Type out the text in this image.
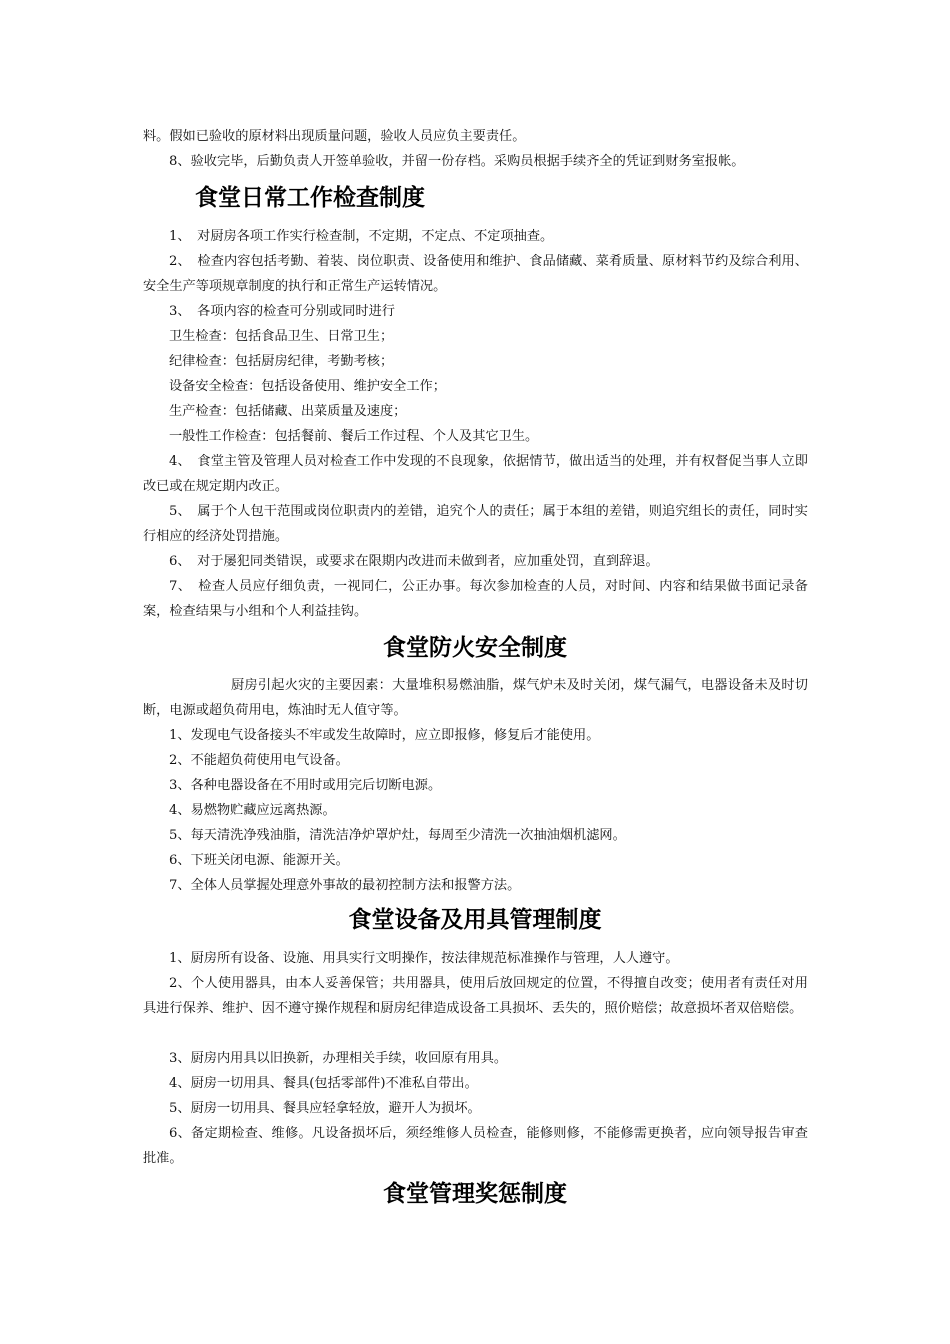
料。假如已验收的原材料出现质量问题，验收人员应负主要责任。

8、验收完毕，后勤负责人开签单验收，并留一份存档。采购员根据手续齐全的凭证到财务室报帐。

食堂日常工作检查制度

1、　对厨房各项工作实行检查制，不定期，不定点、不定项抽查。

2、　检查内容包括考勤、着装、岗位职责、设备使用和维护、食品储藏、菜肴质量、原材料节约及综合利用、安全生产等项规章制度的执行和正常生产运转情况。

3、　各项内容的检查可分别或同时进行

卫生检查：包括食品卫生、日常卫生；

纪律检查：包括厨房纪律，考勤考核；

设备安全检查：包括设备使用、维护安全工作；

生产检查：包括储藏、出菜质量及速度；

一般性工作检查：包括餐前、餐后工作过程、个人及其它卫生。

4、　食堂主管及管理人员对检查工作中发现的不良现象，依据情节，做出适当的处理，并有权督促当事人立即改已或在规定期内改正。

5、　属于个人包干范围或岗位职责内的差错，追究个人的责任；属于本组的差错，则追究组长的责任，同时实行相应的经济处罚措施。

6、　对于屡犯同类错误，或要求在限期内改进而未做到者，应加重处罚，直到辞退。

7、　检查人员应仔细负责，一视同仁，公正办事。每次参加检查的人员，对时间、内容和结果做书面记录备案，检查结果与小组和个人利益挂钩。

食堂防火安全制度

厨房引起火灾的主要因素：大量堆积易燃油脂，煤气炉未及时关闭，煤气漏气，电器设备未及时切断，电源或超负荷用电，炼油时无人值守等。

1、发现电气设备接头不牢或发生故障时，应立即报修，修复后才能使用。

2、不能超负荷使用电气设备。

3、各种电器设备在不用时或用完后切断电源。

4、易燃物贮藏应远离热源。

5、每天清洗净残油脂，清洗洁净炉罩炉灶，每周至少清洗一次抽油烟机滤网。

6、下班关闭电源、能源开关。

7、全体人员掌握处理意外事故的最初控制方法和报警方法。

食堂设备及用具管理制度

1、厨房所有设备、设施、用具实行文明操作，按法律规范标准操作与管理，人人遵守。

2、个人使用器具，由本人妥善保管；共用器具，使用后放回规定的位置，不得擅自改变；使用者有责任对用具进行保养、维护、因不遵守操作规程和厨房纪律造成设备工具损坏、丢失的，照价赔偿；故意损坏者双倍赔偿。

3、厨房内用具以旧换新，办理相关手续，收回原有用具。

4、厨房一切用具、餐具(包括零部件)不准私自带出。

5、厨房一切用具、餐具应轻拿轻放，避开人为损坏。

6、备定期检查、维修。凡设备损坏后，须经维修人员检查，能修则修，不能修需更换者，应向领导报告审查批准。

食堂管理奖惩制度
